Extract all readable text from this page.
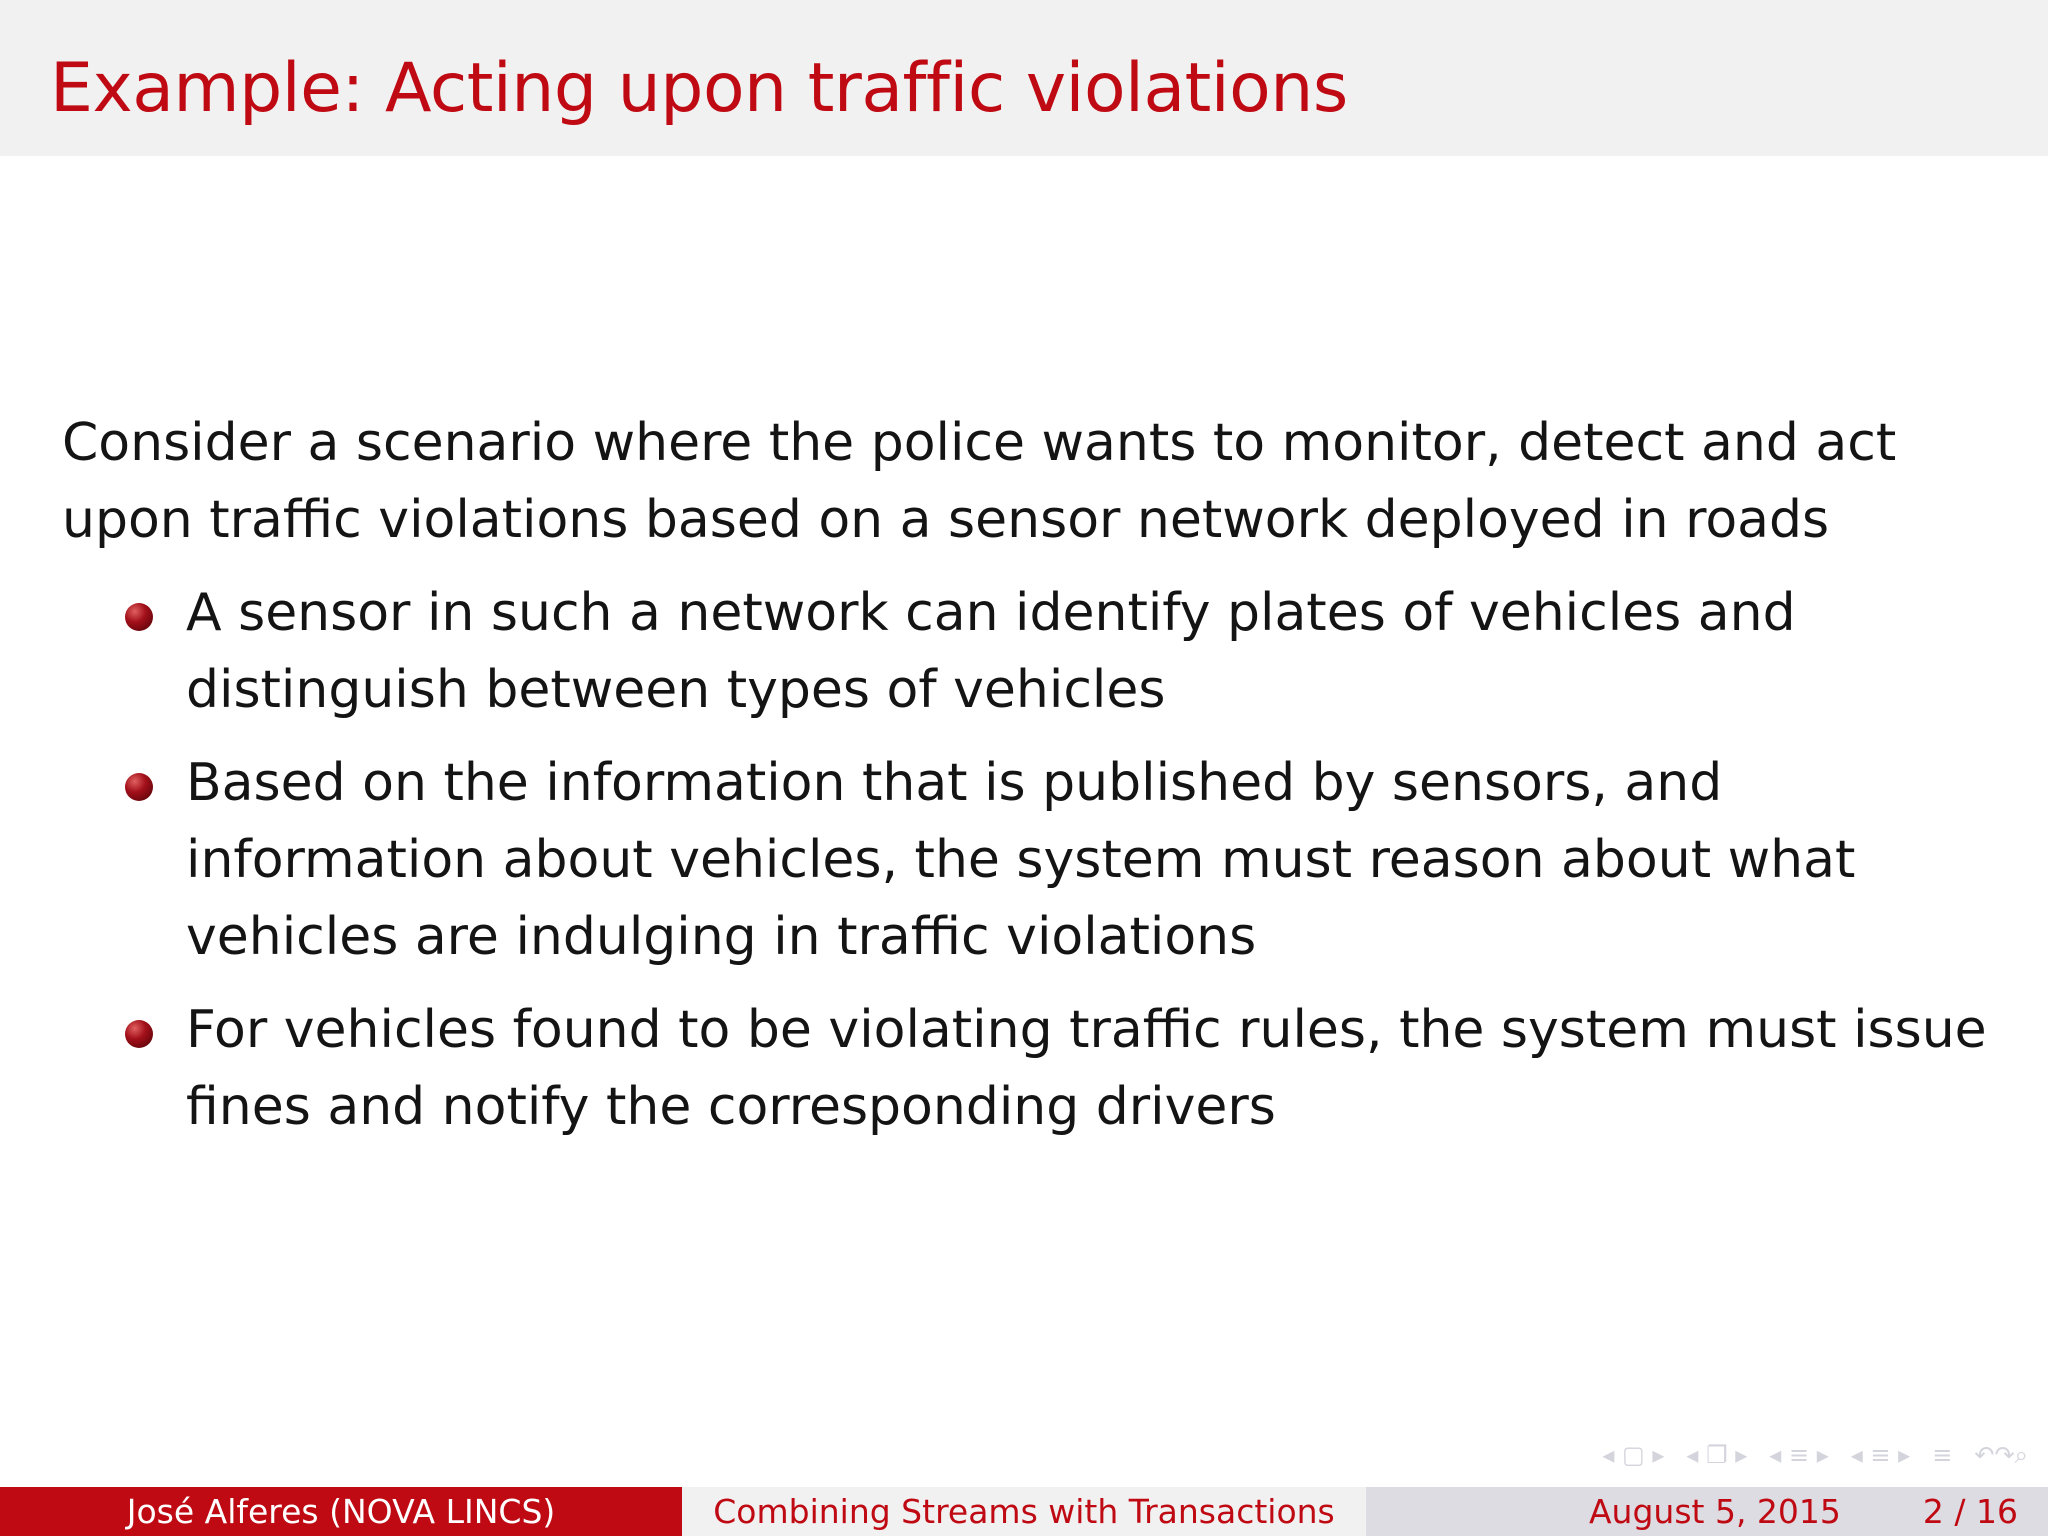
Example: Acting upon traffic violations
Consider a scenario where the police wants to monitor, detect and act
upon traffic violations based on a sensor network deployed in roads
A sensor in such a network can identify plates of vehicles and
distinguish between types of vehicles
Based on the information that is published by sensors, and
information about vehicles, the system must reason about what
vehicles are indulging in traffic violations
For vehicles found to be violating traffic rules, the system must issue
fines and notify the corresponding drivers
◂ ▢ ▸ ◂ ❐ ▸ ◂ ≡ ▸ ◂ ≡ ▸ ≡ ↶↷⌕
José Alferes (NOVA LINCS)	Combining Streams with Transactions	August 5, 2015 2 / 16
